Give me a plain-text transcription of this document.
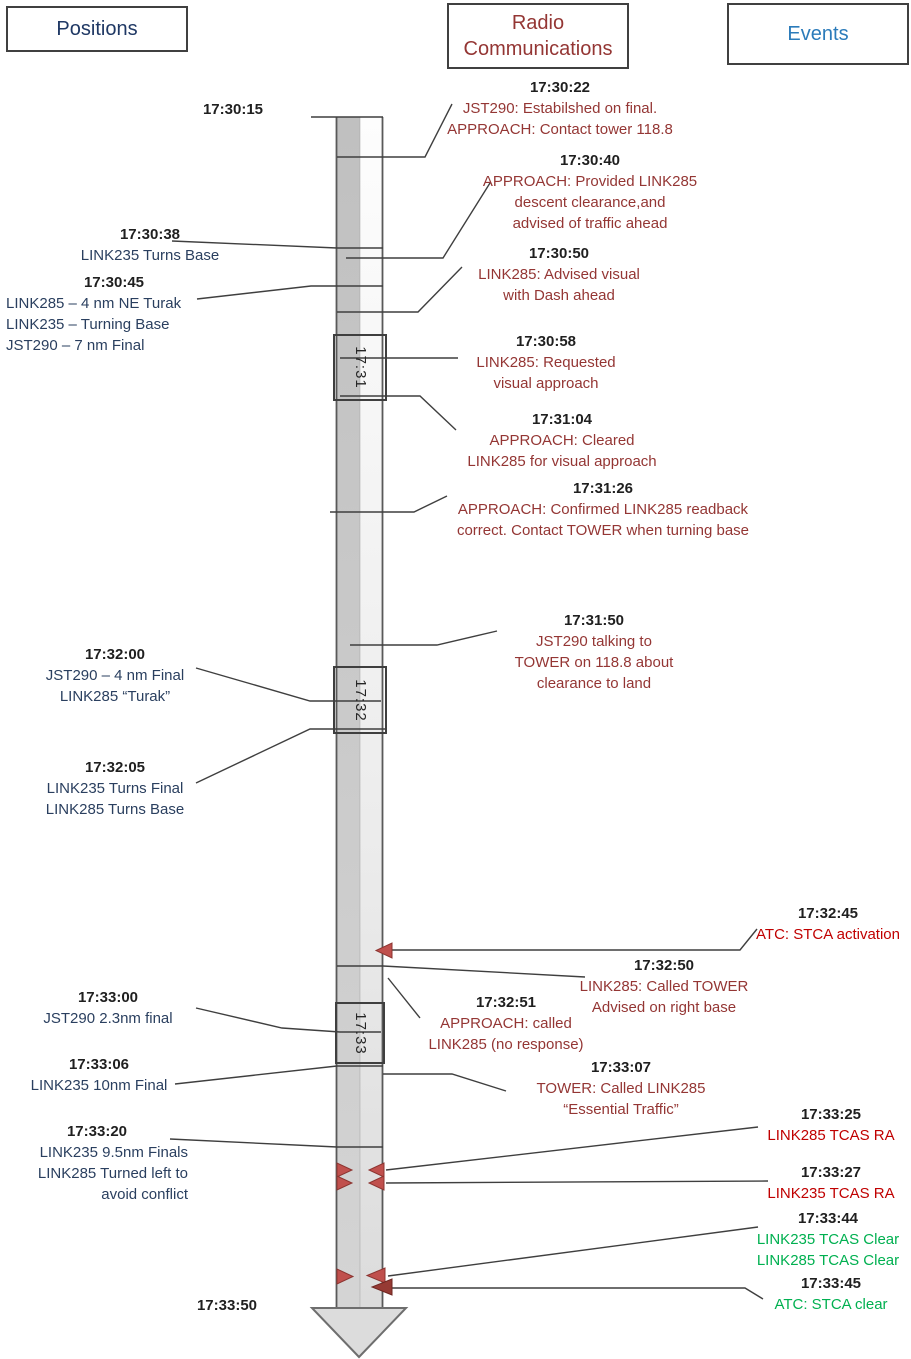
Positions	Radio Communications
Events
17:30:15
17:33:50
17:31
17:32
17:33
17:30:38
LINK235 Turns Base
17:30:45
LINK285 – 4 nm NE Turak
LINK235 – Turning Base
JST290 – 7 nm Final
17:32:00
JST290 – 4 nm Final
LINK285 “Turak”
17:32:05
LINK235 Turns Final
LINK285 Turns Base
17:33:00
JST290 2.3nm final
17:33:06
LINK235 10nm Final
17:33:20
LINK235 9.5nm Finals
LINK285 Turned left to
avoid conflict
17:30:22
JST290: Estabilshed on final.
APPROACH: Contact tower 118.8
17:30:40
APPROACH: Provided LINK285
descent clearance,and
advised of traffic ahead
17:30:50
LINK285: Advised visual
with Dash ahead
17:30:58
LINK285: Requested
visual approach
17:31:04
APPROACH: Cleared
LINK285 for visual approach
17:31:26
APPROACH: Confirmed LINK285 readback
correct. Contact TOWER when turning base
17:31:50
JST290 talking to
TOWER on 118.8 about
clearance to land
17:32:50
LINK285: Called TOWER
Advised on right base
17:32:51
APPROACH: called
LINK285 (no response)
17:33:07
TOWER: Called LINK285
“Essential Traffic”
17:32:45
ATC: STCA activation
17:33:25
LINK285 TCAS RA
17:33:27
LINK235 TCAS RA
17:33:44
LINK235 TCAS Clear
LINK285 TCAS Clear
17:33:45
ATC: STCA clear
